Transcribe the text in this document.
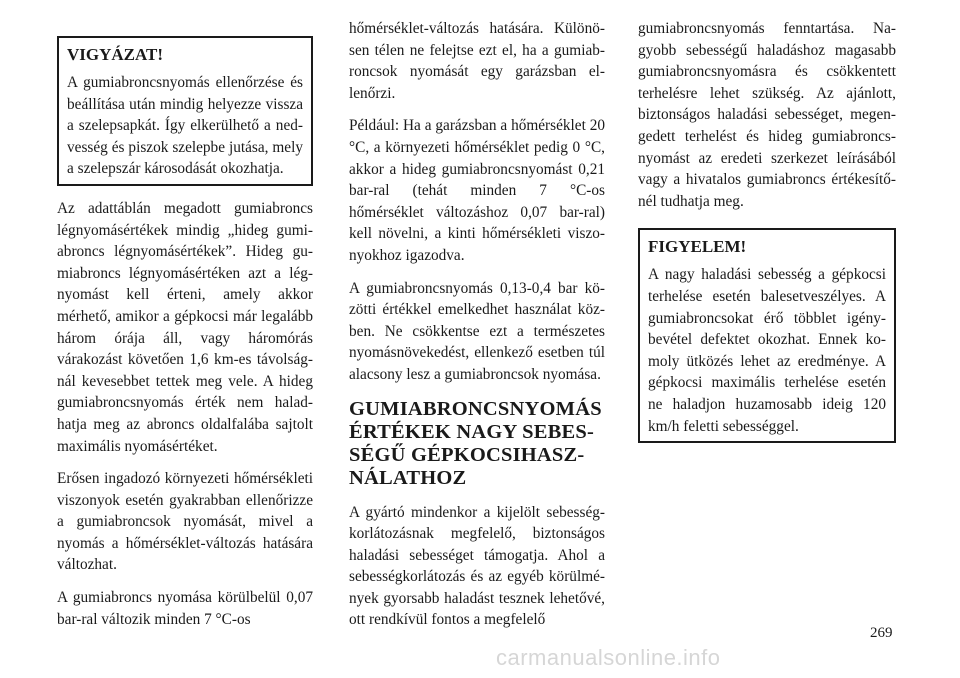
VIGYÁZAT!

A gumiabroncsnyomás ellenőrzése és beállítása után mindig helyezze vissza a szelepsapkát. Így elkerülhető a nedvesség és piszok szelepbe jutása, mely a szelepszár károsodását okozhatja.

Az adattáblán megadott gumiabroncs légnyomásértékek mindig „hideg gumiabroncs légnyomásértékek”. Hideg gumiabroncs légnyomásértéken azt a légnyomást kell érteni, amely akkor mérhető, amikor a gépkocsi már legalább három órája áll, vagy háromórás várakozást követően 1,6 km-es távolságnál kevesebbet tettek meg vele. A hideg gumiabroncsnyomás érték nem haladhatja meg az abroncs oldalfalába sajtolt maximális nyomásértéket.

Erősen ingadozó környezeti hőmérsékleti viszonyok esetén gyakrabban ellenőrizze a gumiabroncsok nyomását, mivel a nyomás a hőmérséklet-változás hatására változhat.

A gumiabroncs nyomása körülbelül 0,07 bar-ral változik minden 7 °C-os

hőmérséklet-változás hatására. Különösen télen ne felejtse ezt el, ha a gumiabroncsok nyomását egy garázsban ellenőrzi.

Például: Ha a garázsban a hőmérséklet 20 °C, a környezeti hőmérséklet pedig 0 °C, akkor a hideg gumiabroncsnyomást 0,21 bar-ral (tehát minden 7 °C-os hőmérséklet változáshoz 0,07 bar-ral) kell növelni, a kinti hőmérsékleti viszonyokhoz igazodva.

A gumiabroncsnyomás 0,13-0,4 bar közötti értékkel emelkedhet használat közben. Ne csökkentse ezt a természetes nyomásnövekedést, ellenkező esetben túl alacsony lesz a gumiabroncsok nyomása.

GUMIABRONCSNYOMÁS ÉRTÉKEK NAGY SEBESSÉGŰ GÉPKOCSIHASZNÁLATHOZ

A gyártó mindenkor a kijelölt sebességkorlátozásnak megfelelő, biztonságos haladási sebességet támogatja. Ahol a sebességkorlátozás és az egyéb körülmények gyorsabb haladást tesznek lehetővé, ott rendkívül fontos a megfelelő

gumiabroncsnyomás fenntartása. Nagyobb sebességű haladáshoz magasabb gumiabroncsnyomásra és csökkentett terhelésre lehet szükség. Az ajánlott, biztonságos haladási sebességet, megengedett terhelést és hideg gumiabroncsnyomást az eredeti szerkezet leírásából vagy a hivatalos gumiabroncs értékesítőnél tudhatja meg.

FIGYELEM!

A nagy haladási sebesség a gépkocsi terhelése esetén balesetveszélyes. A gumiabroncsokat érő többlet igénybevétel defektet okozhat. Ennek komoly ütközés lehet az eredménye. A gépkocsi maximális terhelése esetén ne haladjon huzamosabb ideig 120 km/h feletti sebességgel.

269
carmanualsonline.info
